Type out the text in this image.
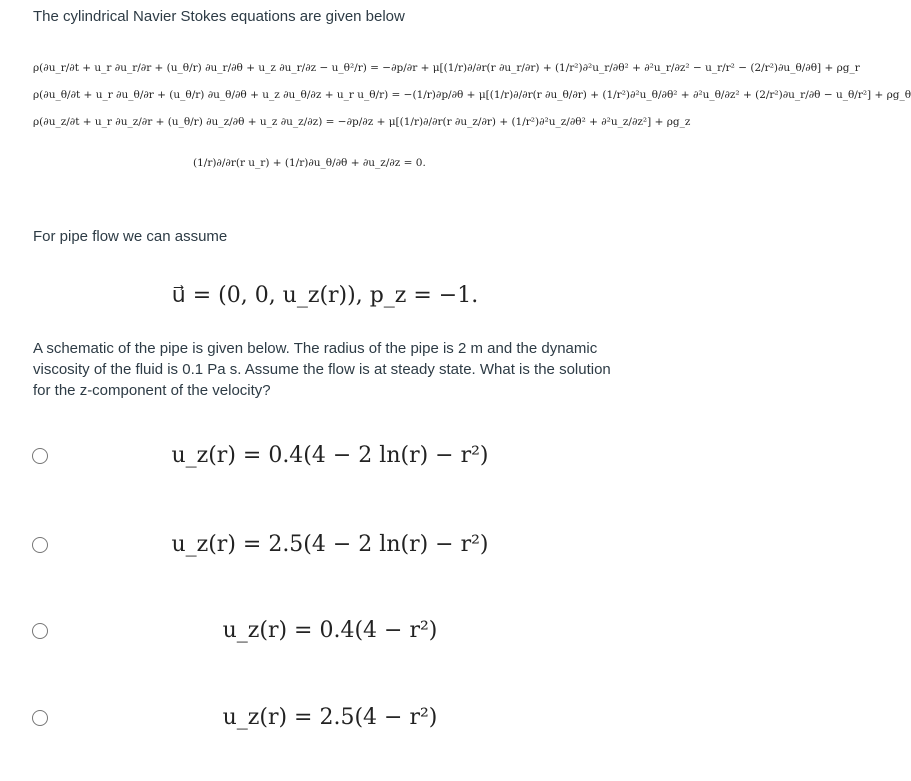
The cylindrical Navier Stokes equations are given below
ρ(∂u_r/∂t + u_r ∂u_r/∂r + (u_θ/r) ∂u_r/∂θ + u_z ∂u_r/∂z − u_θ²/r) = −∂p/∂r + μ[(1/r)∂/∂r(r ∂u_r/∂r) + (1/r²)∂²u_r/∂θ² + ∂²u_r/∂z² − u_r/r² − (2/r²)∂u_θ/∂θ] + ρg_r
ρ(∂u_θ/∂t + u_r ∂u_θ/∂r + (u_θ/r) ∂u_θ/∂θ + u_z ∂u_θ/∂z + u_r u_θ/r) = −(1/r)∂p/∂θ + μ[(1/r)∂/∂r(r ∂u_θ/∂r) + (1/r²)∂²u_θ/∂θ² + ∂²u_θ/∂z² + (2/r²)∂u_r/∂θ − u_θ/r²] + ρg_θ
ρ(∂u_z/∂t + u_r ∂u_z/∂r + (u_θ/r) ∂u_z/∂θ + u_z ∂u_z/∂z) = −∂p/∂z + μ[(1/r)∂/∂r(r ∂u_z/∂r) + (1/r²)∂²u_z/∂θ² + ∂²u_z/∂z²] + ρg_z
(1/r)∂/∂r(r u_r) + (1/r)∂u_θ/∂θ + ∂u_z/∂z = 0.
For pipe flow we can assume
u⃗ = (0, 0, u_z(r)), p_z = −1.
A schematic of the pipe is given below. The radius of the pipe is 2 m and the dynamic viscosity of the fluid is 0.1 Pa s. Assume the flow is at steady state. What is the solution for the z-component of the velocity?
u_z(r) = 0.4(4 − 2 ln(r) − r²)
u_z(r) = 2.5(4 − 2 ln(r) − r²)
u_z(r) = 0.4(4 − r²)
u_z(r) = 2.5(4 − r²)
